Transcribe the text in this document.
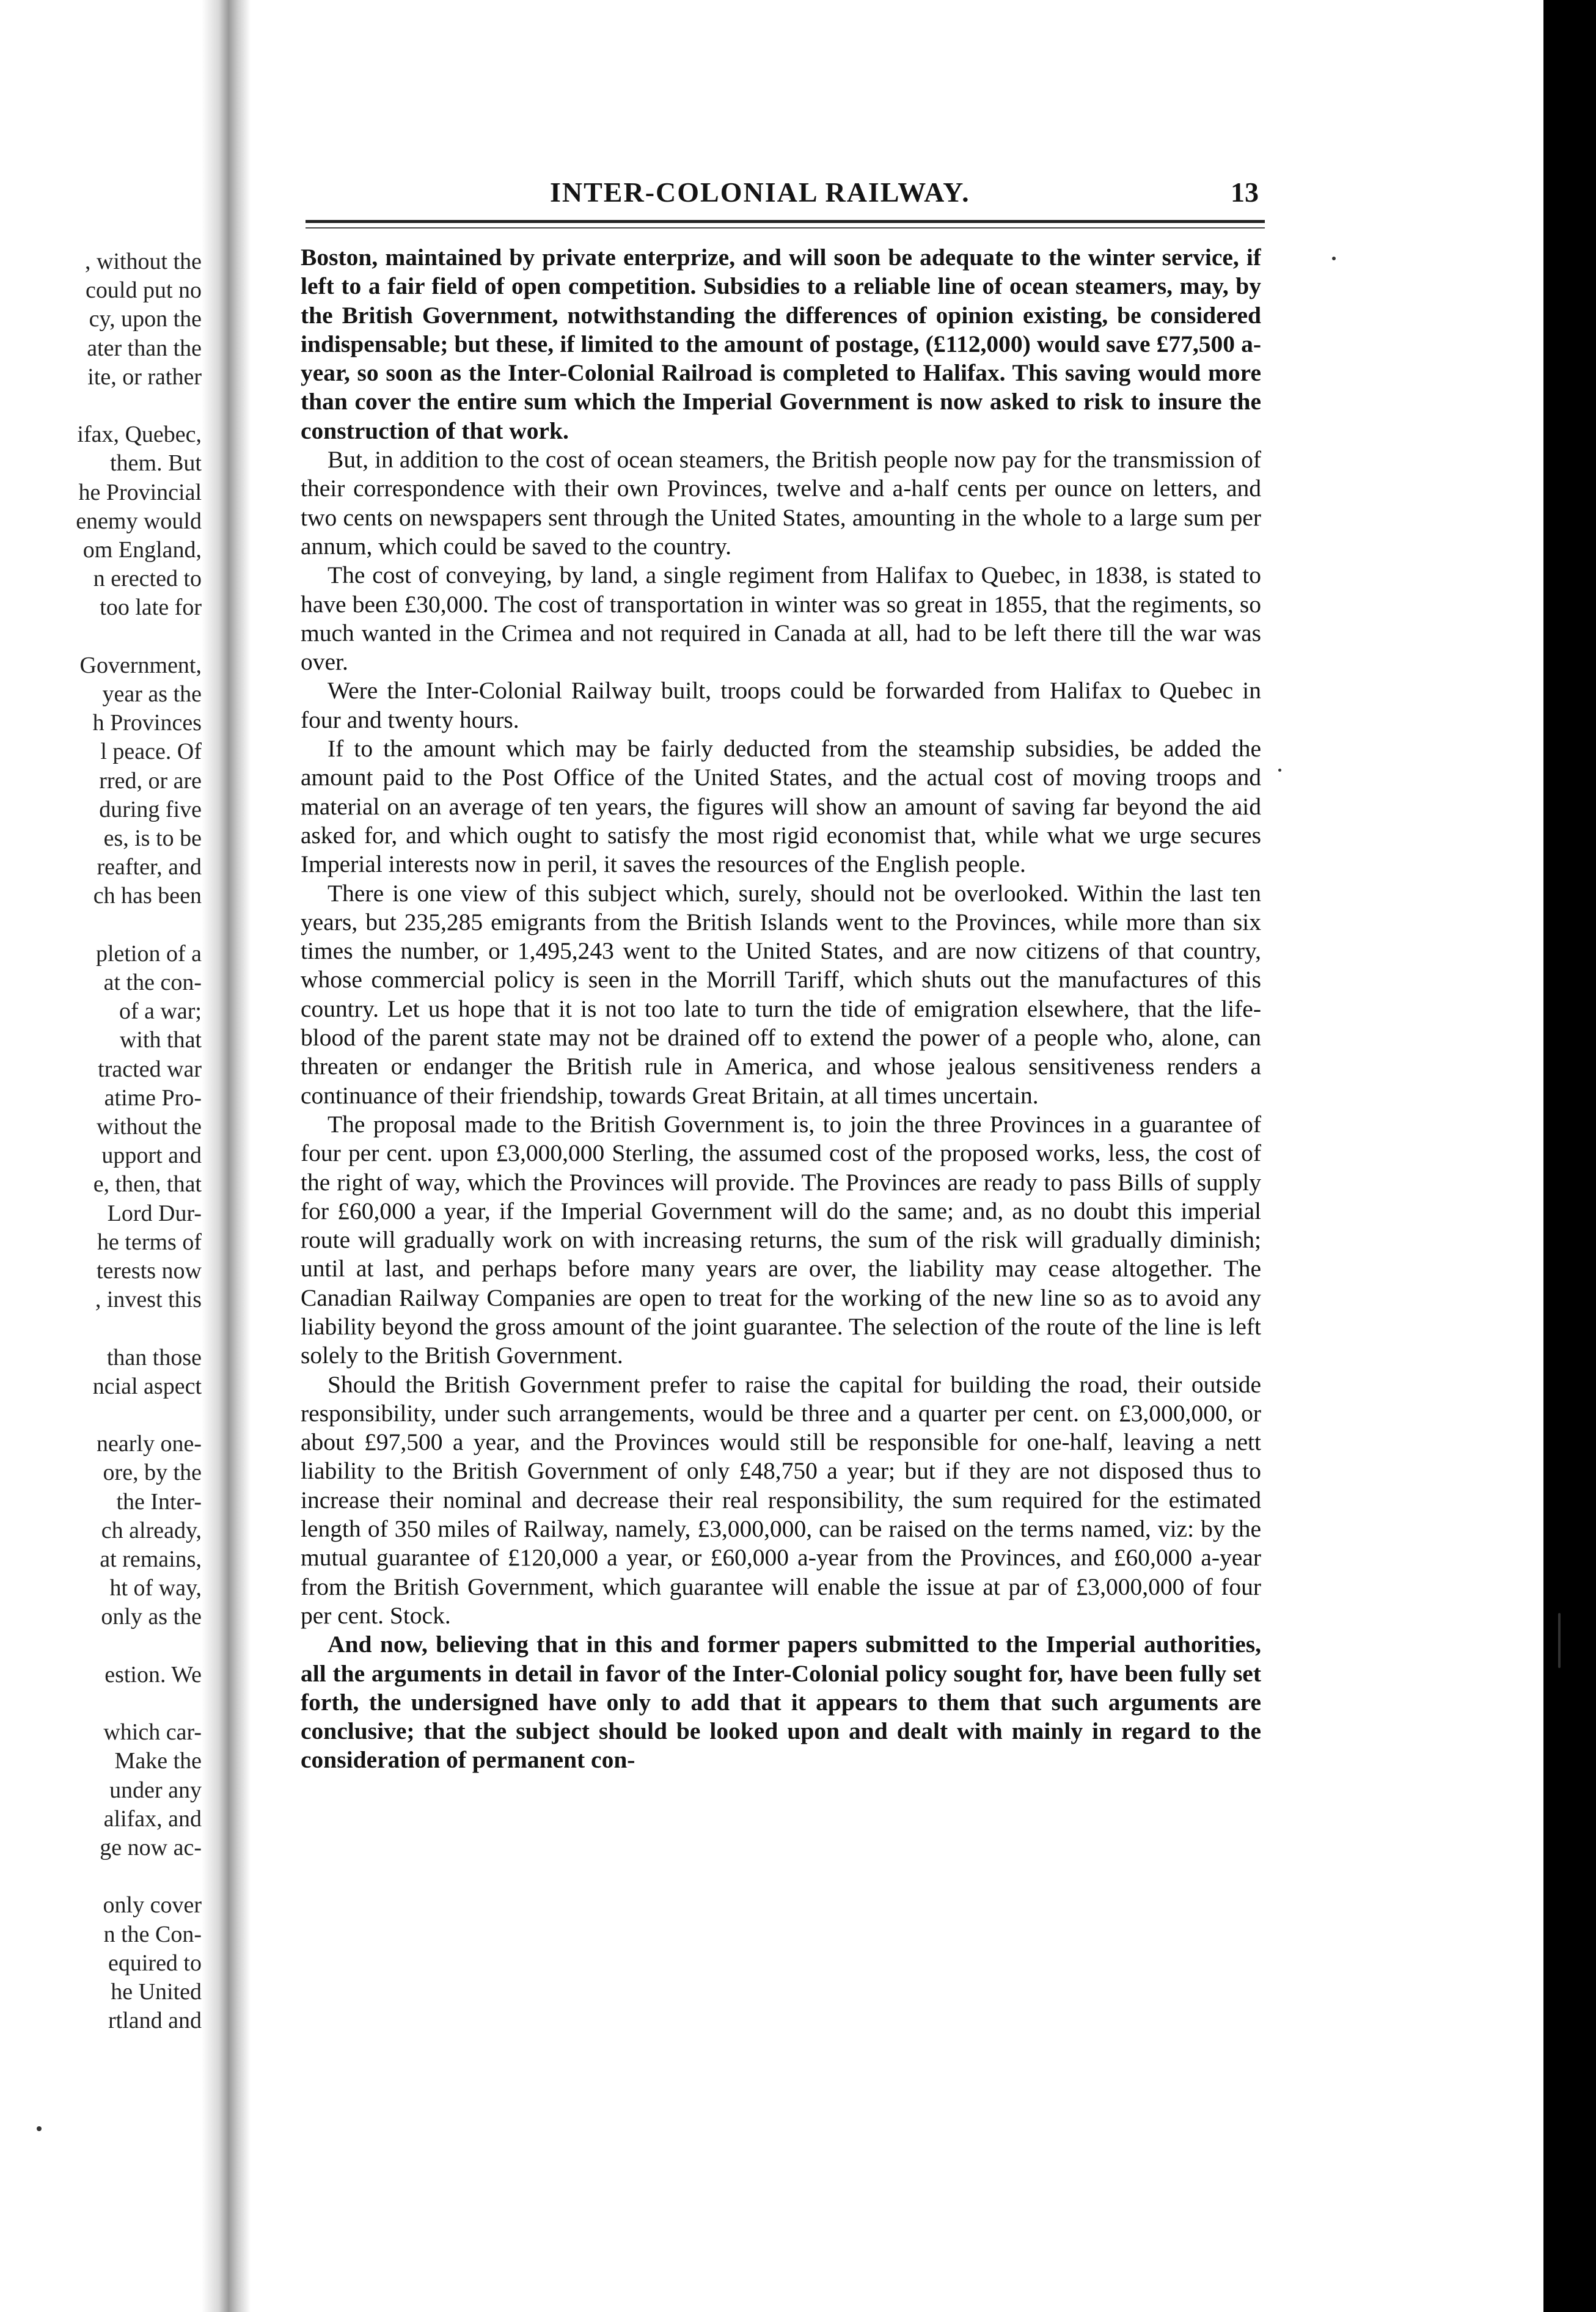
, without the
could put no
cy, upon the
ater than the
ite, or rather
ifax, Quebec,
them. But
he Provincial
enemy would
om England,
n erected to
too late for
Government,
year as the
h Provinces
l peace. Of
rred, or are
during five
es, is to be
reafter, and
ch has been
pletion of a
at the con-
of a war;
with that
tracted war
atime Pro-
without the
upport and
e, then, that
Lord Dur-
he terms of
terests now
, invest this
than those
ncial aspect
nearly one-
ore, by the
the Inter-
ch already,
at remains,
ht of way,
only as the
estion. We
which car-
Make the
under any
alifax, and
ge now ac-
only cover
n the Con-
equired to
he United
rtland and
INTER-COLONIAL RAILWAY.	13

Boston, maintained by private enterprize, and will soon be adequate to the winter service, if left to a fair field of open competition. Subsidies to a reliable line of ocean steamers, may, by the British Government, notwithstanding the differences of opinion existing, be considered indispensable; but these, if limited to the amount of postage, (£112,000) would save £77,500 a-year, so soon as the Inter-Colonial Railroad is completed to Halifax. This saving would more than cover the entire sum which the Imperial Government is now asked to risk to insure the construction of that work.

But, in addition to the cost of ocean steamers, the British people now pay for the transmission of their correspondence with their own Provinces, twelve and a-half cents per ounce on letters, and two cents on newspapers sent through the United States, amounting in the whole to a large sum per annum, which could be saved to the country.

The cost of conveying, by land, a single regiment from Halifax to Quebec, in 1838, is stated to have been £30,000. The cost of transportation in winter was so great in 1855, that the regiments, so much wanted in the Crimea and not required in Canada at all, had to be left there till the war was over.

Were the Inter-Colonial Railway built, troops could be forwarded from Halifax to Quebec in four and twenty hours.

If to the amount which may be fairly deducted from the steamship subsidies, be added the amount paid to the Post Office of the United States, and the actual cost of moving troops and material on an average of ten years, the figures will show an amount of saving far beyond the aid asked for, and which ought to satisfy the most rigid economist that, while what we urge secures Imperial interests now in peril, it saves the resources of the English people.

There is one view of this subject which, surely, should not be overlooked. Within the last ten years, but 235,285 emigrants from the British Islands went to the Provinces, while more than six times the number, or 1,495,243 went to the United States, and are now citizens of that country, whose commercial policy is seen in the Morrill Tariff, which shuts out the manufactures of this country. Let us hope that it is not too late to turn the tide of emigration elsewhere, that the life-blood of the parent state may not be drained off to extend the power of a people who, alone, can threaten or endanger the British rule in America, and whose jealous sensitiveness renders a continuance of their friendship, towards Great Britain, at all times uncertain.

The proposal made to the British Government is, to join the three Provinces in a guarantee of four per cent. upon £3,000,000 Sterling, the assumed cost of the proposed works, less, the cost of the right of way, which the Provinces will provide. The Provinces are ready to pass Bills of supply for £60,000 a year, if the Imperial Government will do the same; and, as no doubt this imperial route will gradually work on with increasing returns, the sum of the risk will gradually diminish; until at last, and perhaps before many years are over, the liability may cease altogether. The Canadian Railway Companies are open to treat for the working of the new line so as to avoid any liability beyond the gross amount of the joint guarantee. The selection of the route of the line is left solely to the British Government.

Should the British Government prefer to raise the capital for building the road, their outside responsibility, under such arrangements, would be three and a quarter per cent. on £3,000,000, or about £97,500 a year, and the Provinces would still be responsible for one-half, leaving a nett liability to the British Government of only £48,750 a year; but if they are not disposed thus to increase their nominal and decrease their real responsibility, the sum required for the estimated length of 350 miles of Railway, namely, £3,000,000, can be raised on the terms named, viz: by the mutual guarantee of £120,000 a year, or £60,000 a-year from the Provinces, and £60,000 a-year from the British Government, which guarantee will enable the issue at par of £3,000,000 of four per cent. Stock.

And now, believing that in this and former papers submitted to the Imperial authorities, all the arguments in detail in favor of the Inter-Colonial policy sought for, have been fully set forth, the undersigned have only to add that it appears to them that such arguments are conclusive; that the subject should be looked upon and dealt with mainly in regard to the consideration of permanent con-
